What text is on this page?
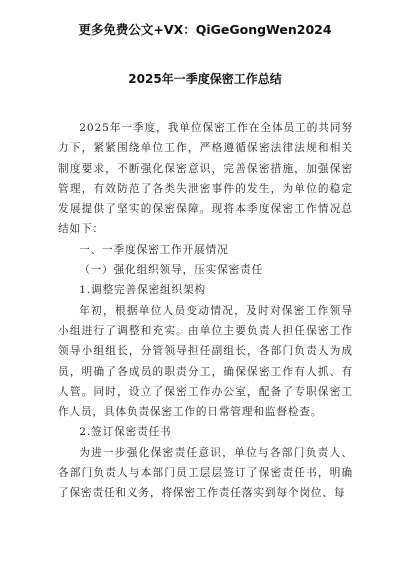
更多免费公文+VX：QiGeGongWen2024
2025年一季度保密工作总结

2025年一季度，我单位保密工作在全体员工的共同努力下，紧紧围绕单位工作，严格遵循保密法律法规和相关制度要求，不断强化保密意识，完善保密措施，加强保密管理，有效防范了各类失泄密事件的发生，为单位的稳定发展提供了坚实的保密保障。现将本季度保密工作情况总结如下：

一、一季度保密工作开展情况

（一）强化组织领导，压实保密责任

1.调整完善保密组织架构

年初，根据单位人员变动情况，及时对保密工作领导小组进行了调整和充实。由单位主要负责人担任保密工作领导小组组长，分管领导担任副组长，各部门负责人为成员，明确了各成员的职责分工，确保保密工作有人抓、有人管。同时，设立了保密工作办公室，配备了专职保密工作人员，具体负责保密工作的日常管理和监督检查。

2.签订保密责任书

为进一步强化保密责任意识，单位与各部门负责人、各部门负责人与本部门员工层层签订了保密责任书，明确了保密责任和义务，将保密工作责任落实到每个岗位、每
